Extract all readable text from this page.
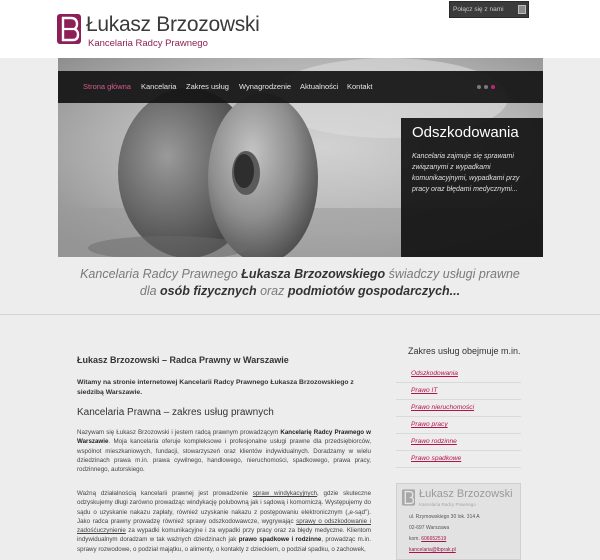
Łukasz Brzozowski
Kancelaria Radcy Prawnego
Połącz się z nami
Strona główna Kancelaria Zakres usług Wynagrodzenie Aktualności Kontakt
Odszkodowania
Kancelaria zajmuje się sprawami związanymi z wypadkami komunikacyjnymi, wypadkami przy pracy oraz błędami medycznymi...
Kancelaria Radcy Prawnego Łukasza Brzozowskiego świadczy usługi prawne
dla osób fizycznych oraz podmiotów gospodarczych...
Łukasz Brzozowski – Radca Prawny w Warszawie
Witamy na stronie internetowej Kancelarii Radcy Prawnego Łukasza Brzozowskiego z siedzibą Warszawie.
Kancelaria Prawna – zakres usług prawnych
Nazywam się Łukasz Brzozowski i jestem radcą prawnym prowadzącym Kancelarię Radcy Prawnego w Warszawie. Moja kancelaria oferuje kompleksowe i profesjonalne usługi prawne dla przedsiębiorców, wspólnot mieszkaniowych, fundacji, stowarzyszeń oraz klientów indywidualnych. Doradzamy w wielu dziedzinach prawa m.in. prawa cywilnego, handlowego, nieruchomości, spadkowego, prawa pracy, rodzinnego, autorskiego.
Ważną działalnością kancelarii prawnej jest prowadzenie spraw windykacyjnych, gdzie skuteczne odzyskujemy długi zarówno prowadząc windykację polubowną jak i sądową i komorniczą. Występujemy do sądu o uzyskanie nakazu zapłaty, również uzyskanie nakazu z postępowaniu elektronicznym („e-sąd"). Jako radca prawny prowadzę również sprawy odszkodowawcze, wygrywając sprawy o odszkodowanie i zadośćuczynienie za wypadki komunikacyjne i za wypadki przy pracy oraz za błędy medyczne. Klientom indywidualnym doradzam w tak ważnych dziedzinach jak prawo spadkowe i rodzinne, prowadząc m.in. sprawy rozwodowe, o podział majątku, o alimenty, o kontakty z dzieckiem, o podział spadku, o zachowek,
Zakres usług obejmuje m.in.
Odszkodowania
Prawo IT
Prawo nieruchomości
Prawo pracy
Prawo rodzinne
Prawo spadkowe
Łukasz Brzozowski
Kancelaria Radcy Prawnego
ul. Rzymowskiego 30 lok. 314 A
02-697 Warszawa
kom. 606652519
kancelaria@lbprak.pl
